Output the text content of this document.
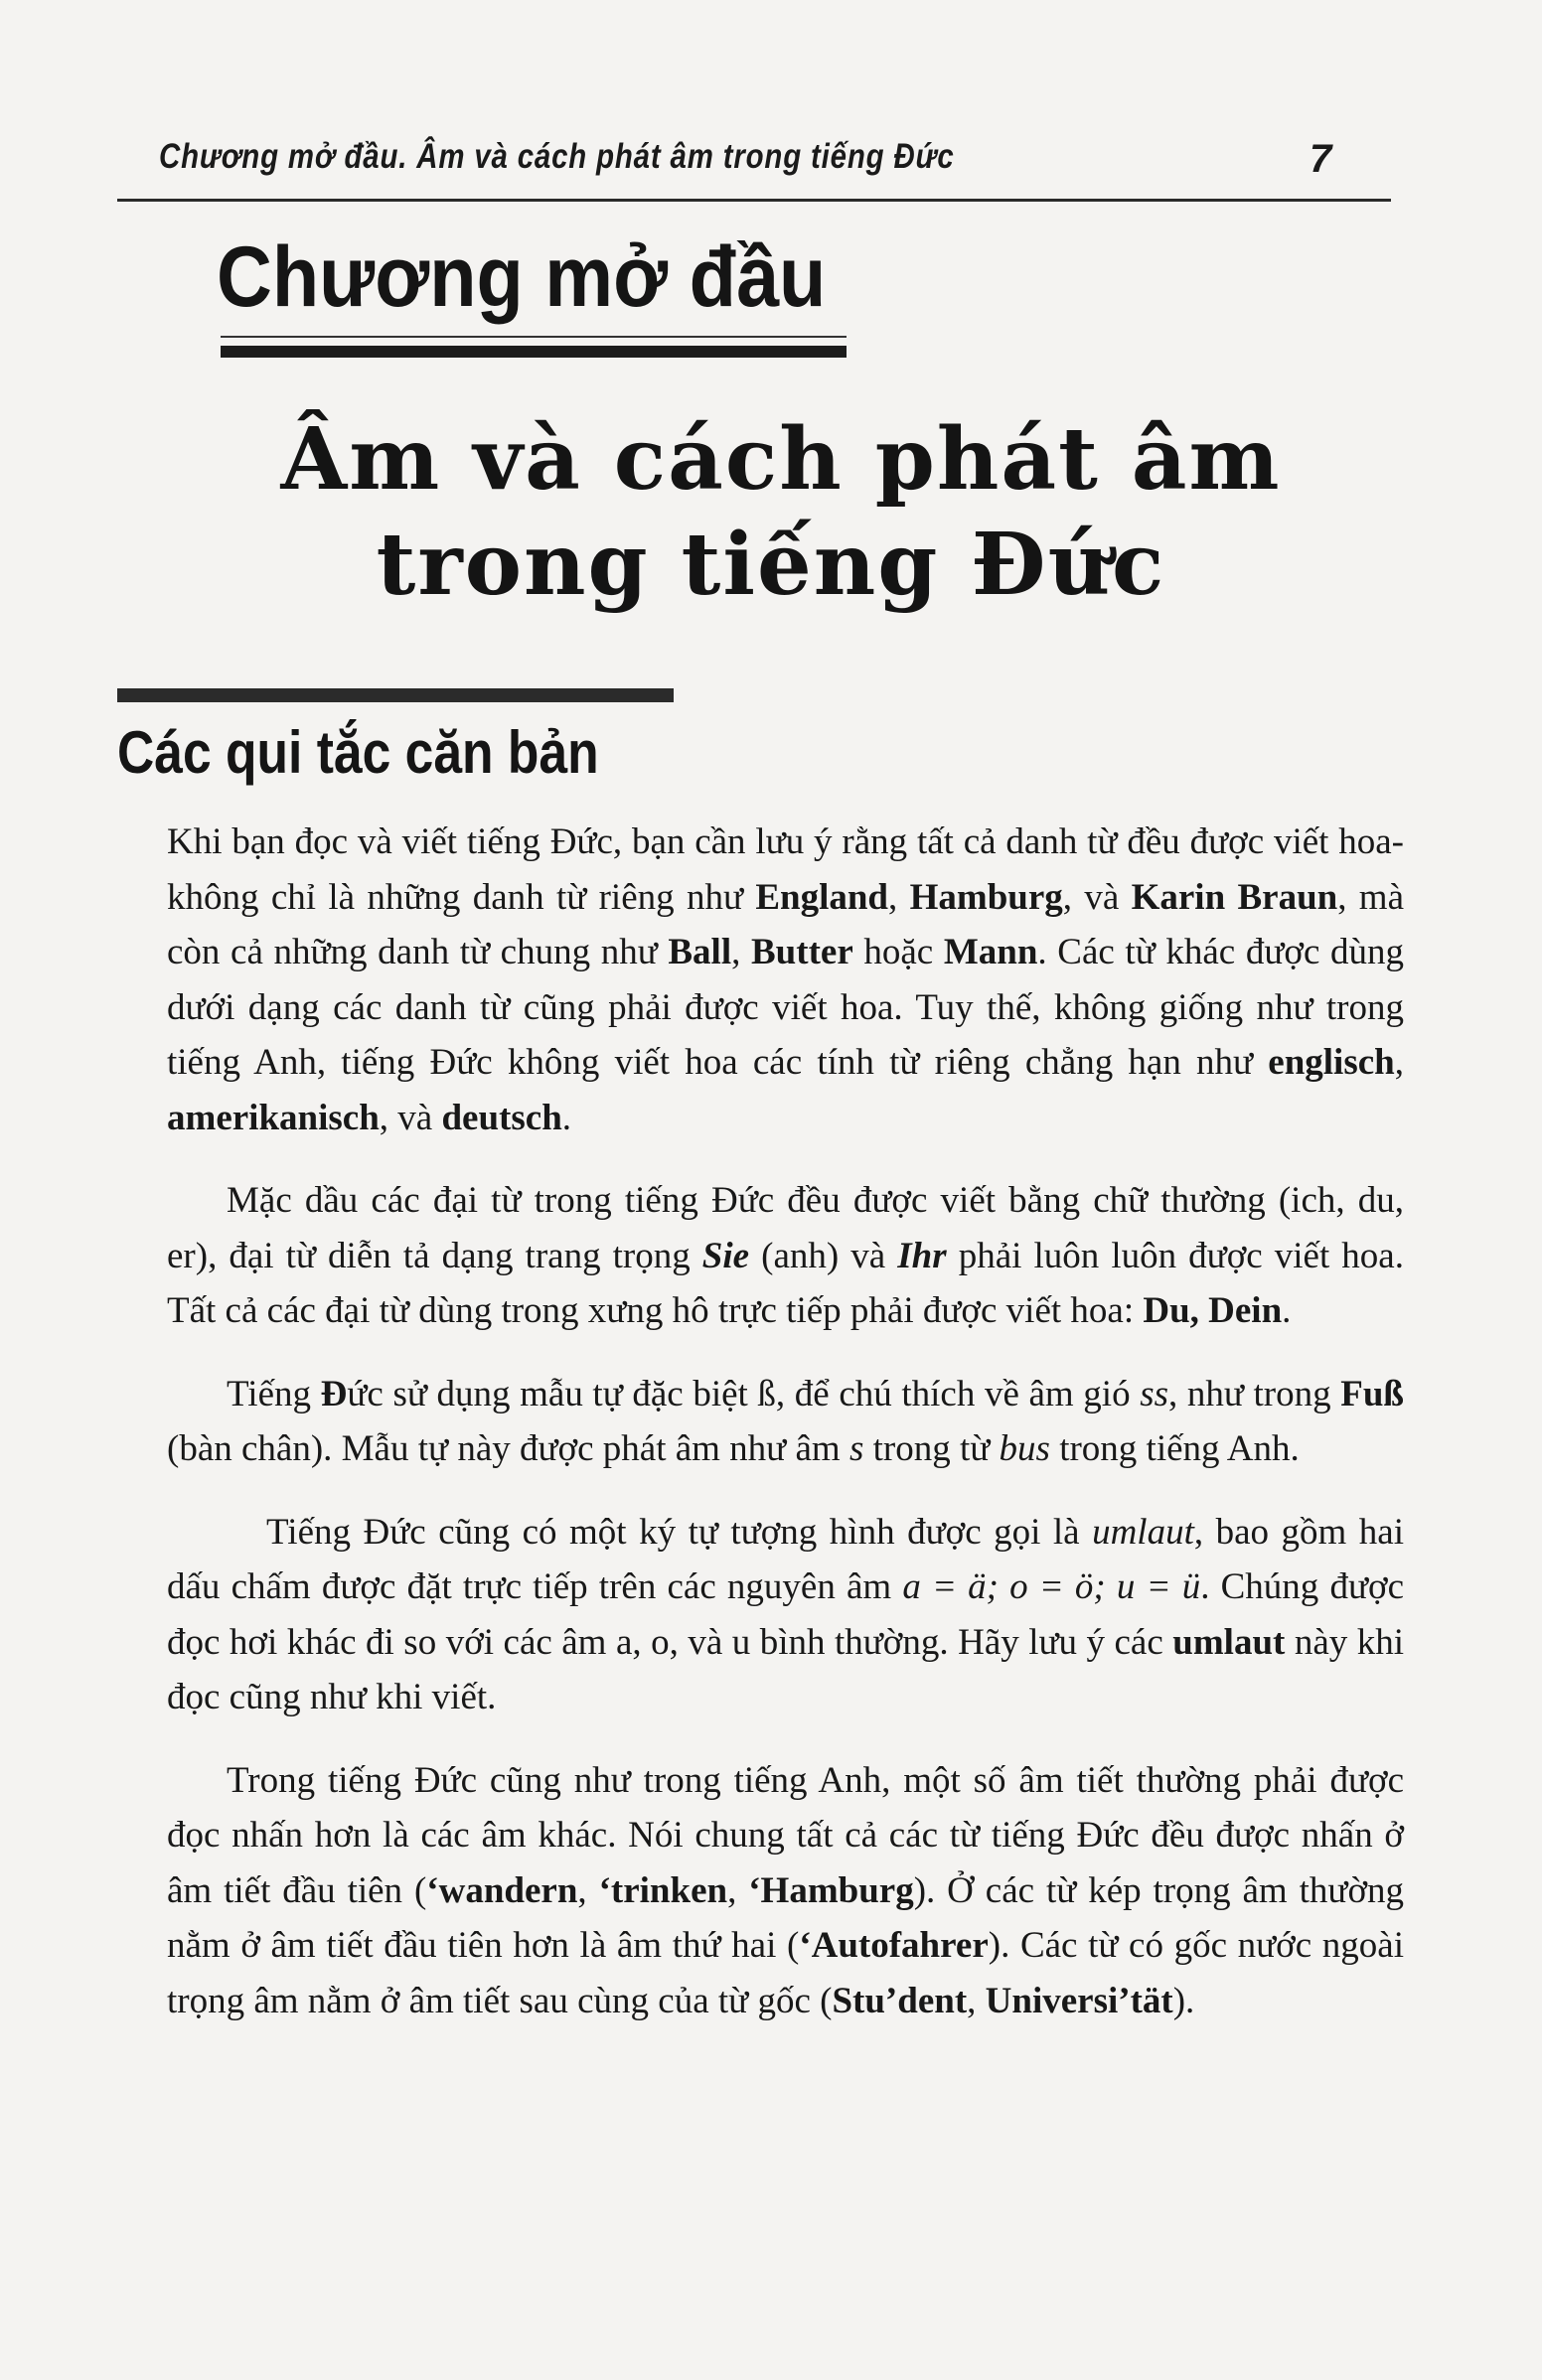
Chương mở đầu. Âm và cách phát âm trong tiếng Đức	7
Chương mở đầu
Âm và cách phát âm
trong tiếng Đức
Các qui tắc căn bản

Khi bạn đọc và viết tiếng Đức, bạn cần lưu ý rằng tất cả danh từ đều được viết hoa-không chỉ là những danh từ riêng như England, Hamburg, và Karin Braun, mà còn cả những danh từ chung như Ball, Butter hoặc Mann. Các từ khác được dùng dưới dạng các danh từ cũng phải được viết hoa. Tuy thế, không giống như trong tiếng Anh, tiếng Đức không viết hoa các tính từ riêng chẳng hạn như englisch, amerikanisch, và deutsch.

Mặc dầu các đại từ trong tiếng Đức đều được viết bằng chữ thường (ich, du, er), đại từ diễn tả dạng trang trọng Sie (anh) và Ihr phải luôn luôn được viết hoa. Tất cả các đại từ dùng trong xưng hô trực tiếp phải được viết hoa: Du, Dein.

Tiếng Đức sử dụng mẫu tự đặc biệt ß, để chú thích về âm gió ss, như trong Fuß (bàn chân). Mẫu tự này được phát âm như âm s trong từ bus trong tiếng Anh.

Tiếng Đức cũng có một ký tự tượng hình được gọi là umlaut, bao gồm hai dấu chấm được đặt trực tiếp trên các nguyên âm a = ä; o = ö; u = ü. Chúng được đọc hơi khác đi so với các âm a, o, và u bình thường. Hãy lưu ý các umlaut này khi đọc cũng như khi viết.

Trong tiếng Đức cũng như trong tiếng Anh, một số âm tiết thường phải được đọc nhấn hơn là các âm khác. Nói chung tất cả các từ tiếng Đức đều được nhấn ở âm tiết đầu tiên (‘wandern, ‘trinken, ‘Hamburg). Ở các từ kép trọng âm thường nằm ở âm tiết đầu tiên hơn là âm thứ hai (‘Autofahrer). Các từ có gốc nước ngoài trọng âm nằm ở âm tiết sau cùng của từ gốc (Stu’dent, Universi’tät).
